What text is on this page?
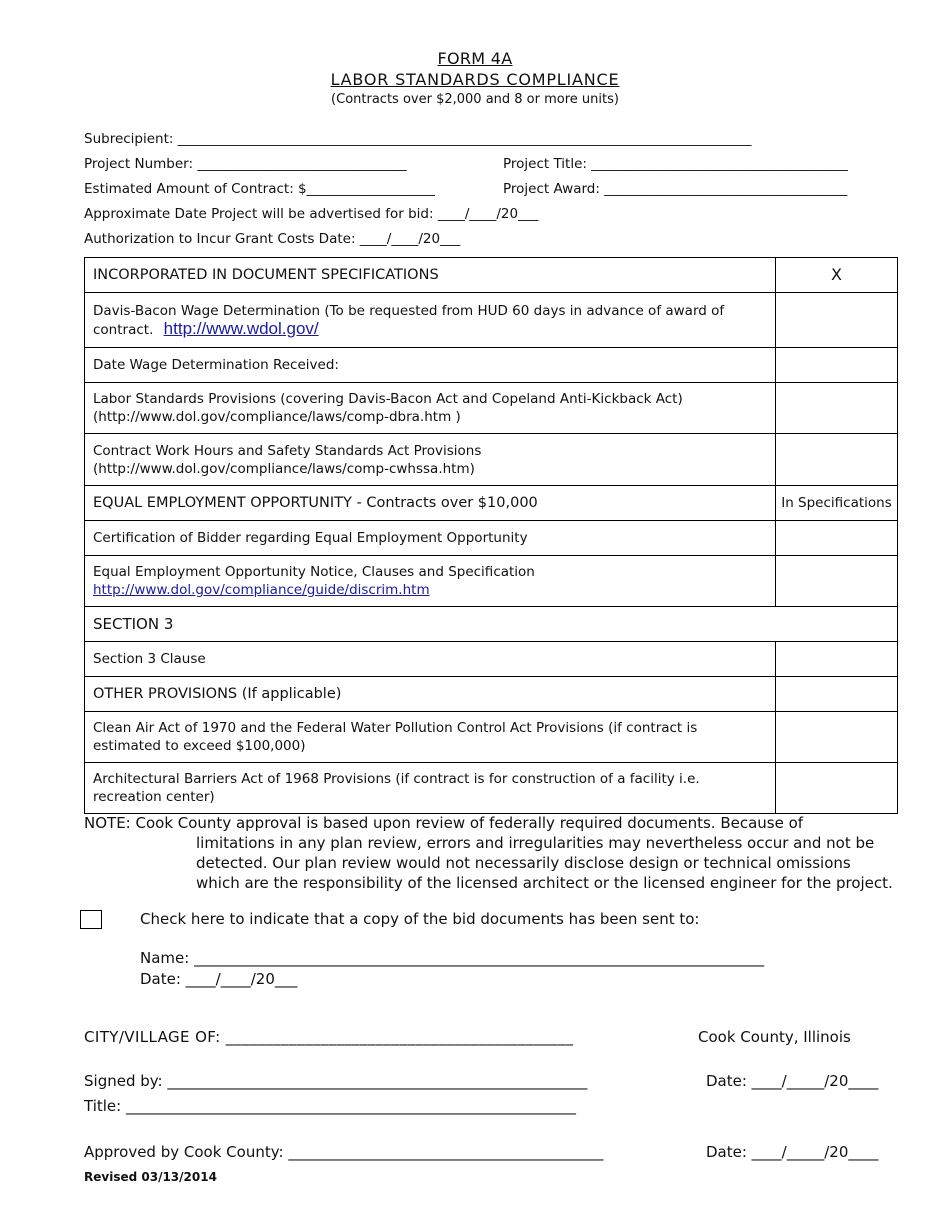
FORM 4A
LABOR STANDARDS COMPLIANCE
(Contracts over $2,000 and 8 or more units)
Subrecipient: _____________________________________________________________________________________
Project Number: _______________________________	Project Title: ______________________________________
Estimated Amount of Contract: $___________________	Project Award: ____________________________________
Approximate Date Project will be advertised for bid: ____/____/20___
Authorization to Incur Grant Costs Date: ____/____/20___
INCORPORATED IN DOCUMENT SPECIFICATIONS	X
Davis-Bacon Wage Determination (To be requested from HUD 60 days in advance of award of contract. http://www.wdol.gov/	
Date Wage Determination Received:	

Labor Standards Provisions (covering Davis-Bacon Act and Copeland Anti-Kickback Act)
(http://www.dol.gov/compliance/laws/comp-dbra.htm )	

Contract Work Hours and Safety Standards Act Provisions
(http://www.dol.gov/compliance/laws/comp-cwhssa.htm)	

EQUAL EMPLOYMENT OPPORTUNITY - Contracts over $10,000	In Specifications
Certification of Bidder regarding Equal Employment Opportunity	

Equal Employment Opportunity Notice, Clauses and Specification
http://www.dol.gov/compliance/guide/discrim.htm	

SECTION 3	
Section 3 Clause	
OTHER PROVISIONS (If applicable)	

Clean Air Act of 1970 and the Federal Water Pollution Control Act Provisions (if contract is
estimated to exceed $100,000)	

Architectural Barriers Act of 1968 Provisions (if contract is for construction of a facility i.e.
recreation center)	

NOTE: Cook County approval is based upon review of federally required documents. Because of
limitations in any plan review, errors and irregularities may nevertheless occur and not be
detected. Our plan review would not necessarily disclose design or technical omissions
which are the responsibility of the licensed architect or the licensed engineer for the project.
Check here to indicate that a copy of the bid documents has been sent to:
Name: ____________________________________________________________________________
Date: ____/____/20___
CITY/VILLAGE OF: ____________________________________________	Cook County, Illinois
Signed by: ________________________________________________________	Date: ____/_____/20____
Title: ____________________________________________________________
Approved by Cook County: __________________________________________	Date: ____/_____/20____
Revised 03/13/2014
